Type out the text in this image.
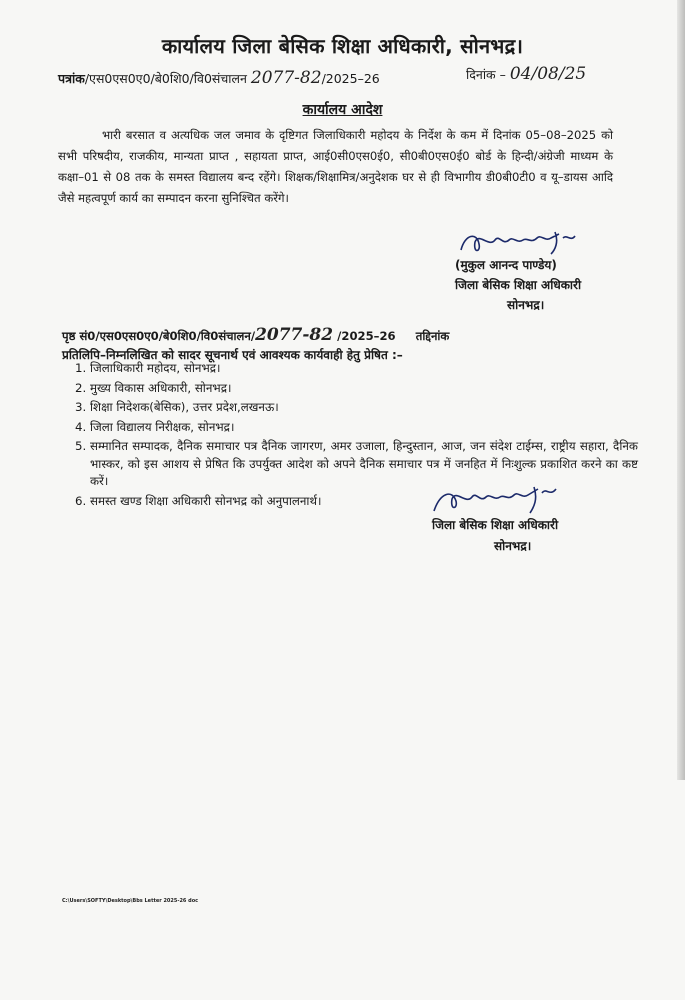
कार्यालय जिला बेसिक शिक्षा अधिकारी, सोनभद्र।
पत्रांक/एस0एस0ए0/बे0शि0/वि0संचालन 2077-82/2025–26	दिनांक – 04/08/25
कार्यालय आदेश

भारी बरसात व अत्यधिक जल जमाव के दृष्टिगत जिलाधिकारी महोदय के निर्देश के कम में दिनांक 05–08–2025 को सभी परिषदीय, राजकीय, मान्यता प्राप्त , सहायता प्राप्त, आई0सी0एस0ई0, सी0बी0एस0ई0 बोर्ड के हिन्दी/अंग्रेजी माध्यम के कक्षा–01 से 08 तक के समस्त विद्यालय बन्द रहेंगे। शिक्षक/शिक्षामित्र/अनुदेशक घर से ही विभागीय डी0बी0टी0 व यू–डायस आदि जैसे महत्वपूर्ण कार्य का सम्पादन करना सुनिश्चित करेंगे।

(मुकुल आनन्द पाण्डेय)
जिला बेसिक शिक्षा अधिकारी
सोनभद्र।
पृष्ठ सं0/एस0एस0ए0/बे0शि0/वि0संचालन/2077-82 /2025–26 तद्दिनांक
प्रतिलिपि–निम्नलिखित को सादर सूचनार्थ एवं आवश्यक कार्यवाही हेतु प्रेषित :–
1. जिलाधिकारी महोदय, सोनभद्र।
2. मुख्य विकास अधिकारी, सोनभद्र।
3. शिक्षा निदेशक(बेसिक), उत्तर प्रदेश,लखनऊ।
4. जिला विद्यालय निरीक्षक, सोनभद्र।
5. सम्मानित सम्पादक, दैनिक समाचार पत्र दैनिक जागरण, अमर उजाला, हिन्दुस्तान, आज, जन संदेश टाईम्स, राष्ट्रीय सहारा, दैनिक भास्कर, को इस आशय से प्रेषित कि उपर्युक्त आदेश को अपने दैनिक समाचार पत्र में जनहित में निःशुल्क प्रकाशित करने का कष्ट करें।
6. समस्त खण्ड शिक्षा अधिकारी सोनभद्र को अनुपालनार्थ।
जिला बेसिक शिक्षा अधिकारी
सोनभद्र।
C:\Users\SOFTY\Desktop\Bbs Letter 2025-26 doc
